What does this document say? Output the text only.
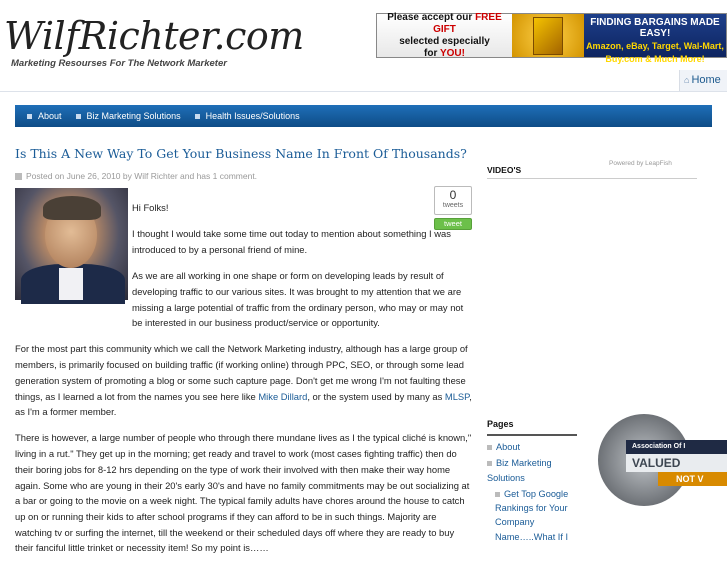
WilfRichter.com
Marketing Resourses For The Network Marketer
Please accept our FREE GIFT
selected especially
for YOU!
FINDING BARGAINS MADE EASY!
Amazon, eBay, Target, Wal-Mart,
Buy.com & Much More!
⌂ Home
About	Biz Marketing Solutions	Health Issues/Solutions
Is This A New Way To Get Your Business Name In Front Of Thousands?
Posted on June 26, 2010 by Wilf Richter and has 1 comment.
0
tweets
tweet

Hi Folks!

I thought I would take some time out today to mention about something I was introduced to by a personal friend of mine.

As we are all working in one shape or form on developing leads by result of developing traffic to our various sites. It was brought to my attention that we are missing a large potential of traffic from the ordinary person, who may or may not be interested in our business product/service or opportunity.

For the most part this community which we call the Network Marketing industry, although has a large group of members, is primarily focused on building traffic (if working online) through PPC, SEO, or through some lead generation system of promoting a blog or some such capture page. Don't get me wrong I'm not faulting these things, as I learned a lot from the names you see here like Mike Dillard, or the system used by many as MLSP, as I'm a former member.

There is however, a large number of people who through there mundane lives as I the typical cliché is known," living in a rut." They get up in the morning; get ready and travel to work (most cases fighting traffic) then do their boring jobs for 8-12 hrs depending on the type of work their involved with then make their way home again. Some who are young in their 20's early 30's and have no family commitments may be out socializing at a bar or going to the movie on a week night. The typical family adults have chores around the house to catch up on or running their kids to after school programs if they can afford to be in such things. Majority are watching tv or surfing the internet, till the weekend or their scheduled days off where they are ready to buy their fanciful little trinket or necessity item! So my point is……

Powered by LeapFish
VIDEO'S
Pages
About
Biz Marketing Solutions
Get Top Google Rankings for Your Company Name…..What If I
Association Of I
VALUED
NOT V
